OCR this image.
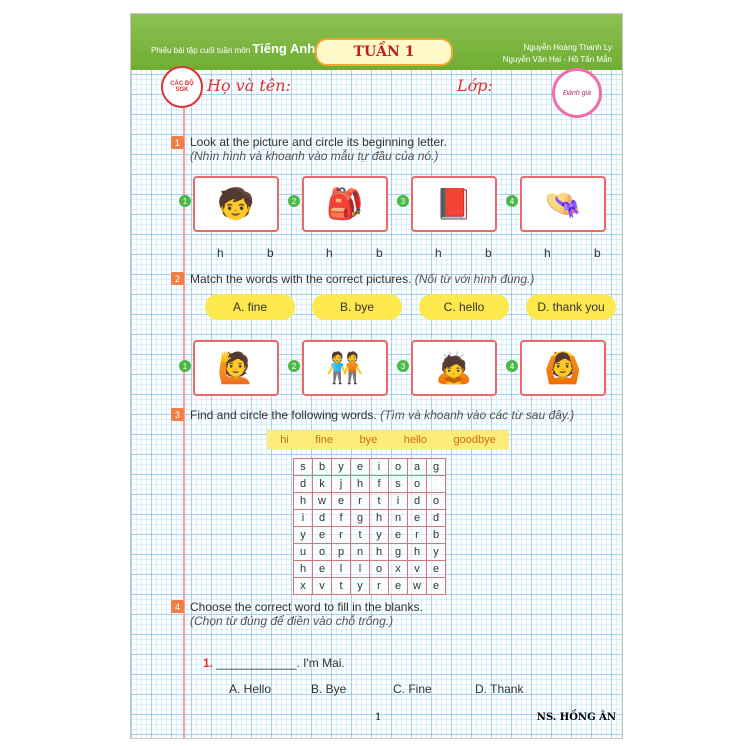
Phiếu bài tập cuối tuần môn Tiếng Anh	TUẦN 1	Nguyễn Hoàng Thanh Ly
Nguyễn Văn Hai - Hồ Tấn Mẫn
CÁC BỘ SGK	Họ và tên:	Lớp:	Đánh giá
1 Look at the picture and circle its beginning letter.
(Nhìn hình và khoanh vào mẫu tự đầu của nó.)
1 🧒
h	b
2 🎒
h	b
3 📕
h	b
4 👒
h	b
2 Match the words with the correct pictures. (Nối từ với hình đúng.)
A. fine	B. bye	C. hello	D. thank you
1 🙋	2 🧑‍🤝‍🧑	3 🙇	4 🙆
3 Find and circle the following words. (Tìm và khoanh vào các từ sau đây.)
hi fine bye hello goodbye
s	b	y	e	i	o	a	g
d	k	j	h	f	s	o	
h	w	e	r	t	i	d	o
i	d	f	g	h	n	e	d
y	e	r	t	y	e	r	b
u	o	p	n	h	g	h	y
h	e	l	l	o	x	v	e
x	v	t	y	r	e	w	e
4 Choose the correct word to fill in the blanks.
(Chọn từ đúng để điền vào chỗ trống.)
1. ____________. I'm Mai.
A. Hello	B. Bye	C. Fine	D. Thank
1	NS. HỒNG ÂN
